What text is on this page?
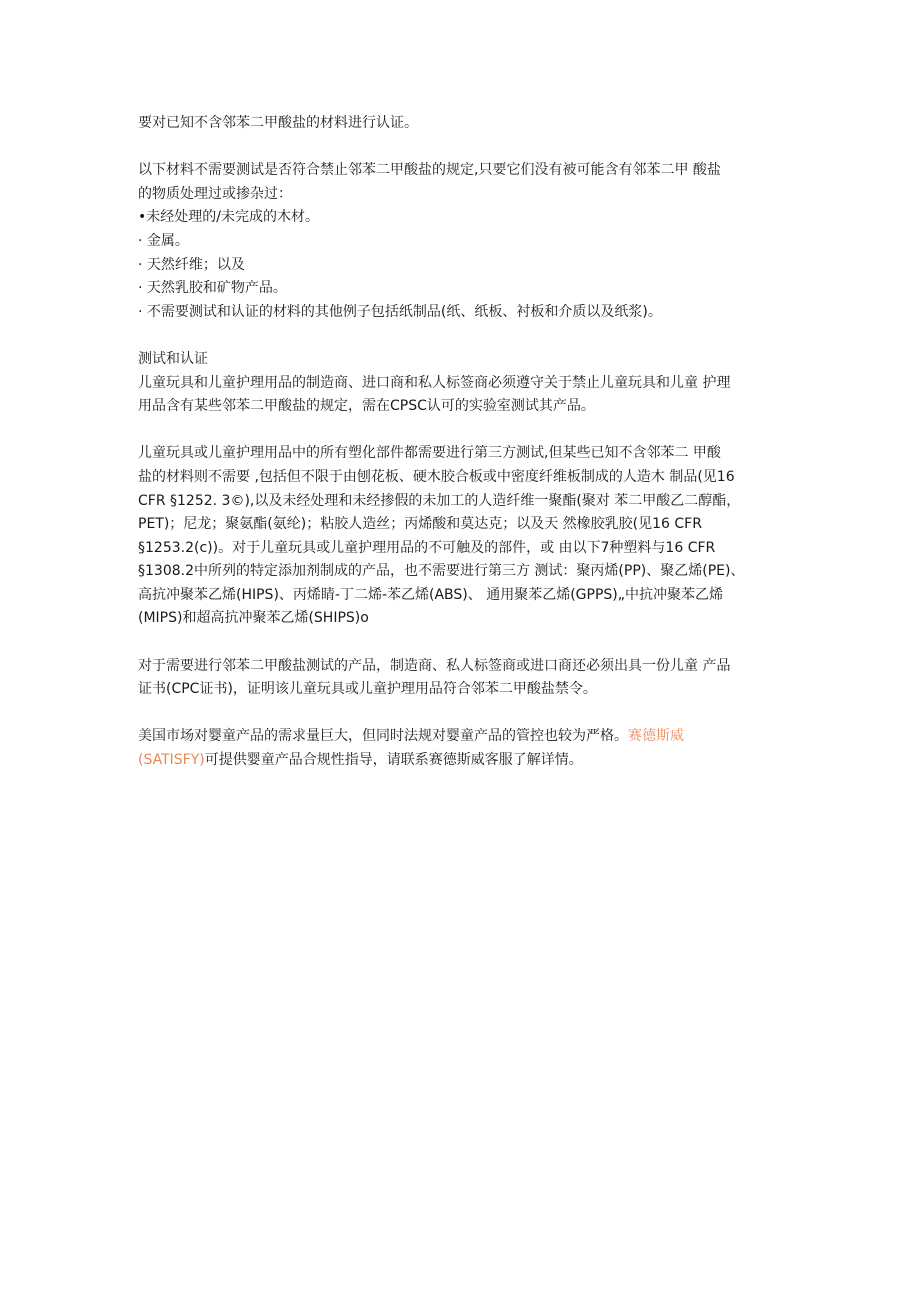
要对已知不含邻苯二甲酸盐的材料进行认证。
以下材料不需要测试是否符合禁止邻苯二甲酸盐的规定,只要它们没有被可能含有邻苯二甲 酸盐
的物质处理过或掺杂过：
•未经处理的/未完成的木材。
· 金属。
· 天然纤维；以及
· 天然乳胶和矿物产品。
· 不需要测试和认证的材料的其他例子包括纸制品(纸、纸板、衬板和介质以及纸浆)。
测试和认证
儿童玩具和儿童护理用品的制造商、进口商和私人标签商必须遵守关于禁止儿童玩具和儿童 护理
用品含有某些邻苯二甲酸盐的规定，需在CPSC认可的实验室测试其产品。
儿童玩具或儿童护理用品中的所有塑化部件都需要进行第三方测试,但某些已知不含邻苯二 甲酸
盐的材料则不需要 ,包括但不限于由刨花板、硬木胶合板或中密度纤维板制成的人造木 制品(见16
CFR §1252. 3©),以及未经处理和未经掺假的未加工的人造纤维一聚酯(聚对 苯二甲酸乙二醇酯，
PET)；尼龙；聚氨酯(氨纶)；粘胶人造丝；丙烯酸和莫达克；以及天 然橡胶乳胶(见16 CFR
§1253.2(c))。对于儿童玩具或儿童护理用品的不可触及的部件，或 由以下7种塑料与16 CFR
§1308.2中所列的特定添加剂制成的产品，也不需要进行第三方 测试：聚丙烯(PP)、聚乙烯(PE)、
高抗冲聚苯乙烯(HIPS)、丙烯睛-丁二烯-苯乙烯(ABS)、 通用聚苯乙烯(GPPS)„中抗冲聚苯乙烯
(MIPS)和超高抗冲聚苯乙烯(SHIPS)o
对于需要进行邻苯二甲酸盐测试的产品，制造商、私人标签商或进口商还必须出具一份儿童 产品
证书(CPC证书)，证明该儿童玩具或儿童护理用品符合邻苯二甲酸盐禁令。
美国市场对婴童产品的需求量巨大，但同时法规对婴童产品的管控也较为严格。赛德斯威
(SATISFY)可提供婴童产品合规性指导，请联系赛德斯威客服了解详情。
